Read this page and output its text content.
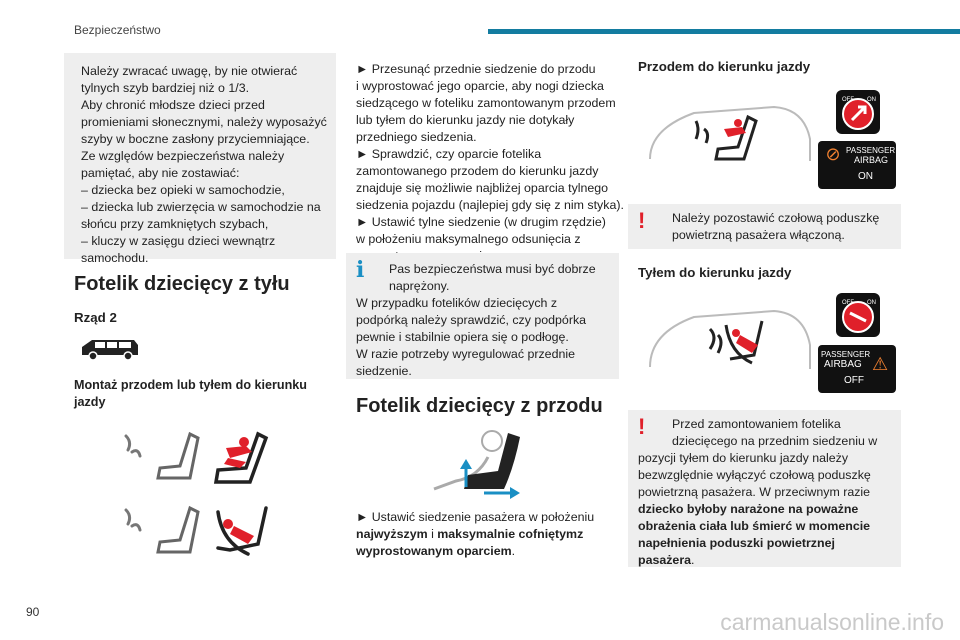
Bezpieczeństwo

Należy zwracać uwagę, by nie otwierać

tylnych szyb bardziej niż o 1/3.

Aby chronić młodsze dzieci przed

promieniami słonecznymi, należy wyposażyć

szyby w boczne zasłony przyciemniające.

Ze względów bezpieczeństwa należy

pamiętać, aby nie zostawiać:

– dziecka bez opieki w samochodzie,

– dziecka lub zwierzęcia w samochodzie na

słońcu przy zamkniętych szybach,

– kluczy w zasięgu dzieci wewnątrz

samochodu.

Fotelik dziecięcy z tyłu
Rząd 2

Montaż przodem lub tyłem do kierunku

jazdy

► Przesunąć przednie siedzenie do przodu

i wyprostować jego oparcie, aby nogi dziecka

siedzącego w foteliku zamontowanym przodem

lub tyłem do kierunku jazdy nie dotykały

przedniego siedzenia.

► Sprawdzić, czy oparcie fotelika

zamontowanego przodem do kierunku jazdy

znajduje się możliwie najbliżej oparcia tylnego

siedzenia pojazdu (najlepiej gdy się z nim styka).

► Ustawić tylne siedzenie (w drugim rzędzie)

w położeniu maksymalnego odsunięcia z

i Pas bezpieczeństwa musi być dobrze

naprężony.

W przypadku fotelików dziecięcych z

podpórką należy sprawdzić, czy podpórka

pewnie i stabilnie opiera się o podłogę.

W razie potrzeby wyregulować przednie

siedzenie.

Fotelik dziecięcy z przodu

► Ustawić siedzenie pasażera w położeniu

najwyższym i maksymalnie cofniętymz

wyprostowanym oparciem.

Przodem do kierunku jazdy
OFF ON
⊘ PASSENGER
AIRBAG
ON
! Należy pozostawić czołową poduszkę

powietrzną pasażera włączoną.

Tyłem do kierunku jazdy
OFF ON
PASSENGER
AIRBAG
OFF
⚠
! Przed zamontowaniem fotelika

dziecięcego na przednim siedzeniu w

pozycji tyłem do kierunku jazdy należy

bezwzględnie wyłączyć czołową poduszkę

powietrzną pasażera. W przeciwnym razie

dziecko byłoby narażone na poważne

obrażenia ciała lub śmierć w momencie

napełnienia poduszki powietrznej

pasażera.

90	carmanualsonline.info
